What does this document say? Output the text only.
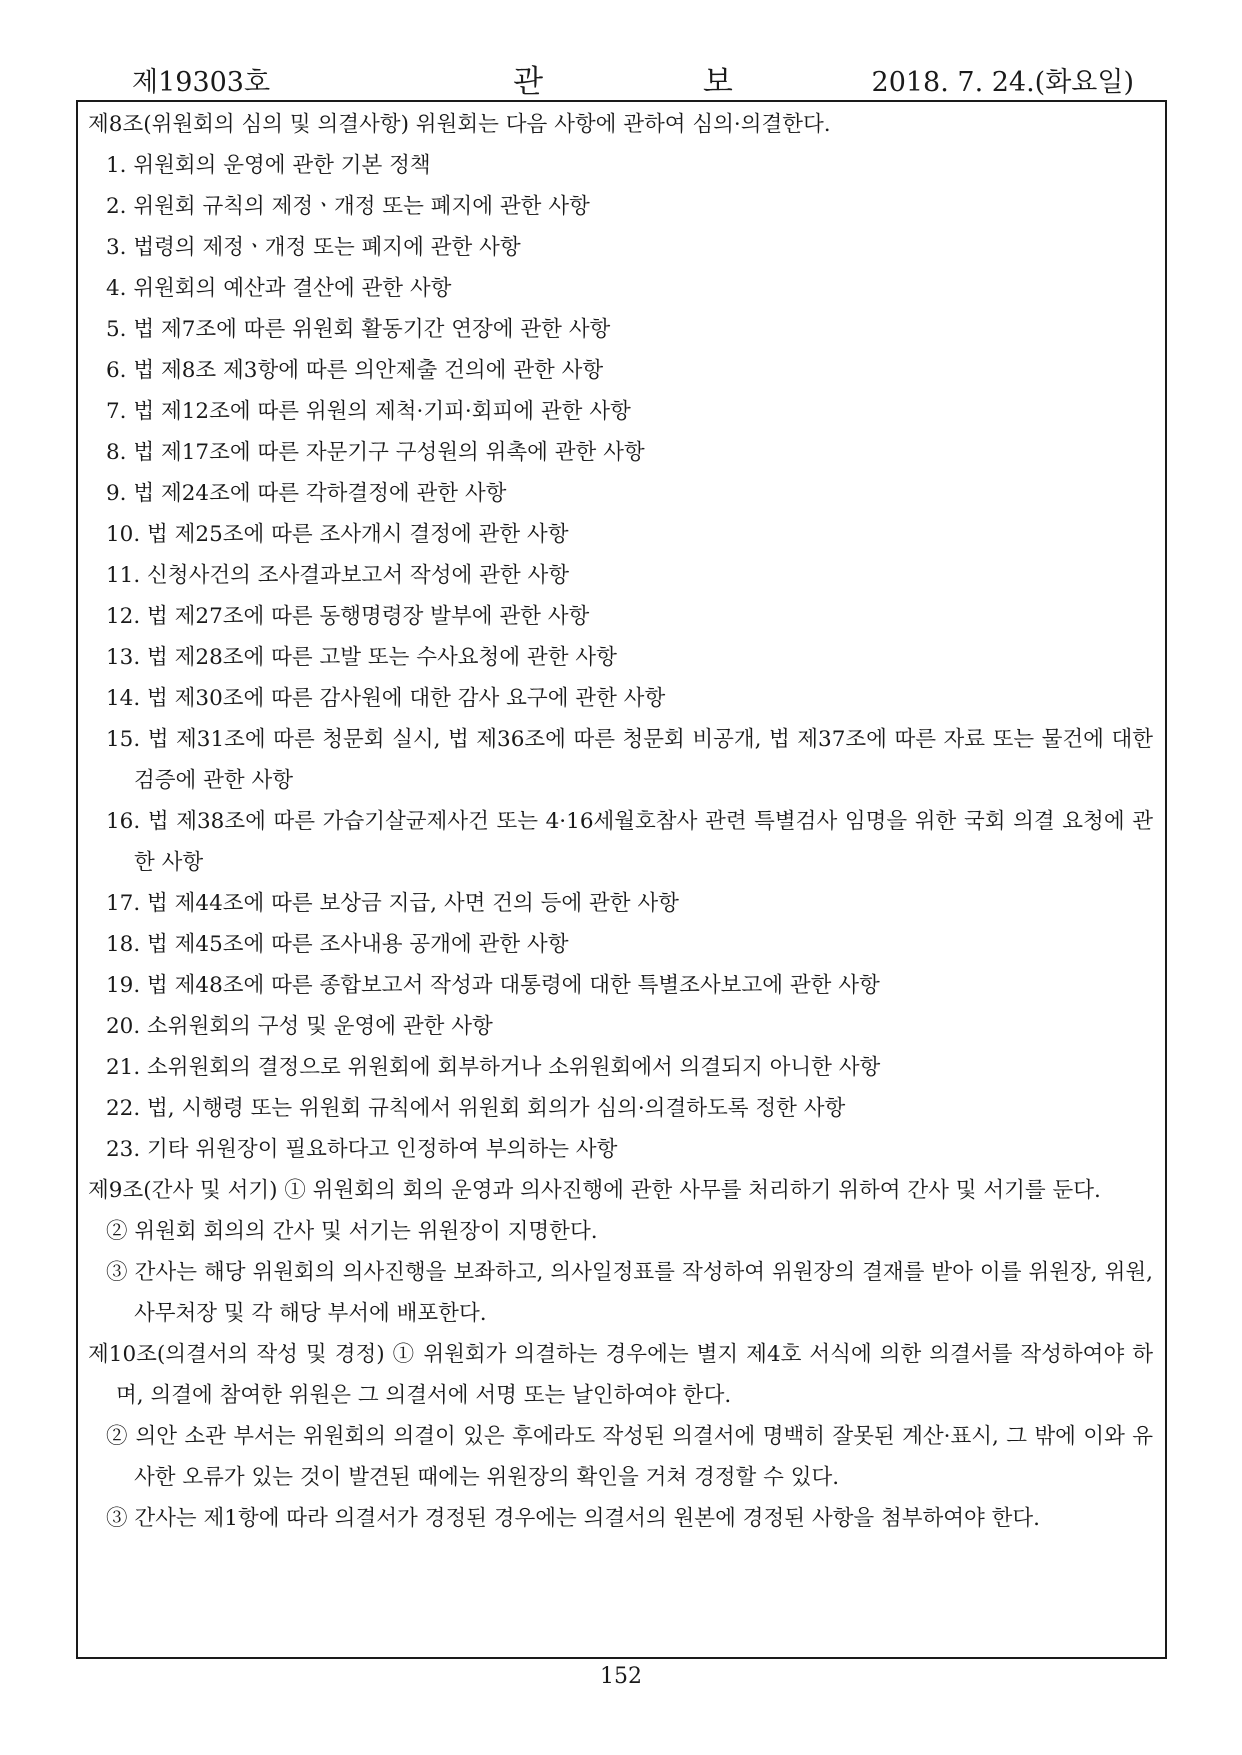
제19303호	관 보	2018. 7. 24.(화요일)
제8조(위원회의 심의 및 의결사항) 위원회는 다음 사항에 관하여 심의·의결한다.
1. 위원회의 운영에 관한 기본 정책
2. 위원회 규칙의 제정ㆍ개정 또는 폐지에 관한 사항
3. 법령의 제정ㆍ개정 또는 폐지에 관한 사항
4. 위원회의 예산과 결산에 관한 사항
5. 법 제7조에 따른 위원회 활동기간 연장에 관한 사항
6. 법 제8조 제3항에 따른 의안제출 건의에 관한 사항
7. 법 제12조에 따른 위원의 제척·기피·회피에 관한 사항
8. 법 제17조에 따른 자문기구 구성원의 위촉에 관한 사항
9. 법 제24조에 따른 각하결정에 관한 사항
10. 법 제25조에 따른 조사개시 결정에 관한 사항
11. 신청사건의 조사결과보고서 작성에 관한 사항
12. 법 제27조에 따른 동행명령장 발부에 관한 사항
13. 법 제28조에 따른 고발 또는 수사요청에 관한 사항
14. 법 제30조에 따른 감사원에 대한 감사 요구에 관한 사항
15. 법 제31조에 따른 청문회 실시, 법 제36조에 따른 청문회 비공개, 법 제37조에 따른 자료 또는 물건에 대한 검증에 관한 사항
16. 법 제38조에 따른 가습기살균제사건 또는 4·16세월호참사 관련 특별검사 임명을 위한 국회 의결 요청에 관한 사항
17. 법 제44조에 따른 보상금 지급, 사면 건의 등에 관한 사항
18. 법 제45조에 따른 조사내용 공개에 관한 사항
19. 법 제48조에 따른 종합보고서 작성과 대통령에 대한 특별조사보고에 관한 사항
20. 소위원회의 구성 및 운영에 관한 사항
21. 소위원회의 결정으로 위원회에 회부하거나 소위원회에서 의결되지 아니한 사항
22. 법, 시행령 또는 위원회 규칙에서 위원회 회의가 심의·의결하도록 정한 사항
23. 기타 위원장이 필요하다고 인정하여 부의하는 사항
제9조(간사 및 서기) ① 위원회의 회의 운영과 의사진행에 관한 사무를 처리하기 위하여 간사 및 서기를 둔다.
② 위원회 회의의 간사 및 서기는 위원장이 지명한다.
③ 간사는 해당 위원회의 의사진행을 보좌하고, 의사일정표를 작성하여 위원장의 결재를 받아 이를 위원장, 위원, 사무처장 및 각 해당 부서에 배포한다.
제10조(의결서의 작성 및 경정) ① 위원회가 의결하는 경우에는 별지 제4호 서식에 의한 의결서를 작성하여야 하며, 의결에 참여한 위원은 그 의결서에 서명 또는 날인하여야 한다.
② 의안 소관 부서는 위원회의 의결이 있은 후에라도 작성된 의결서에 명백히 잘못된 계산·표시, 그 밖에 이와 유사한 오류가 있는 것이 발견된 때에는 위원장의 확인을 거쳐 경정할 수 있다.
③ 간사는 제1항에 따라 의결서가 경정된 경우에는 의결서의 원본에 경정된 사항을 첨부하여야 한다.
152
